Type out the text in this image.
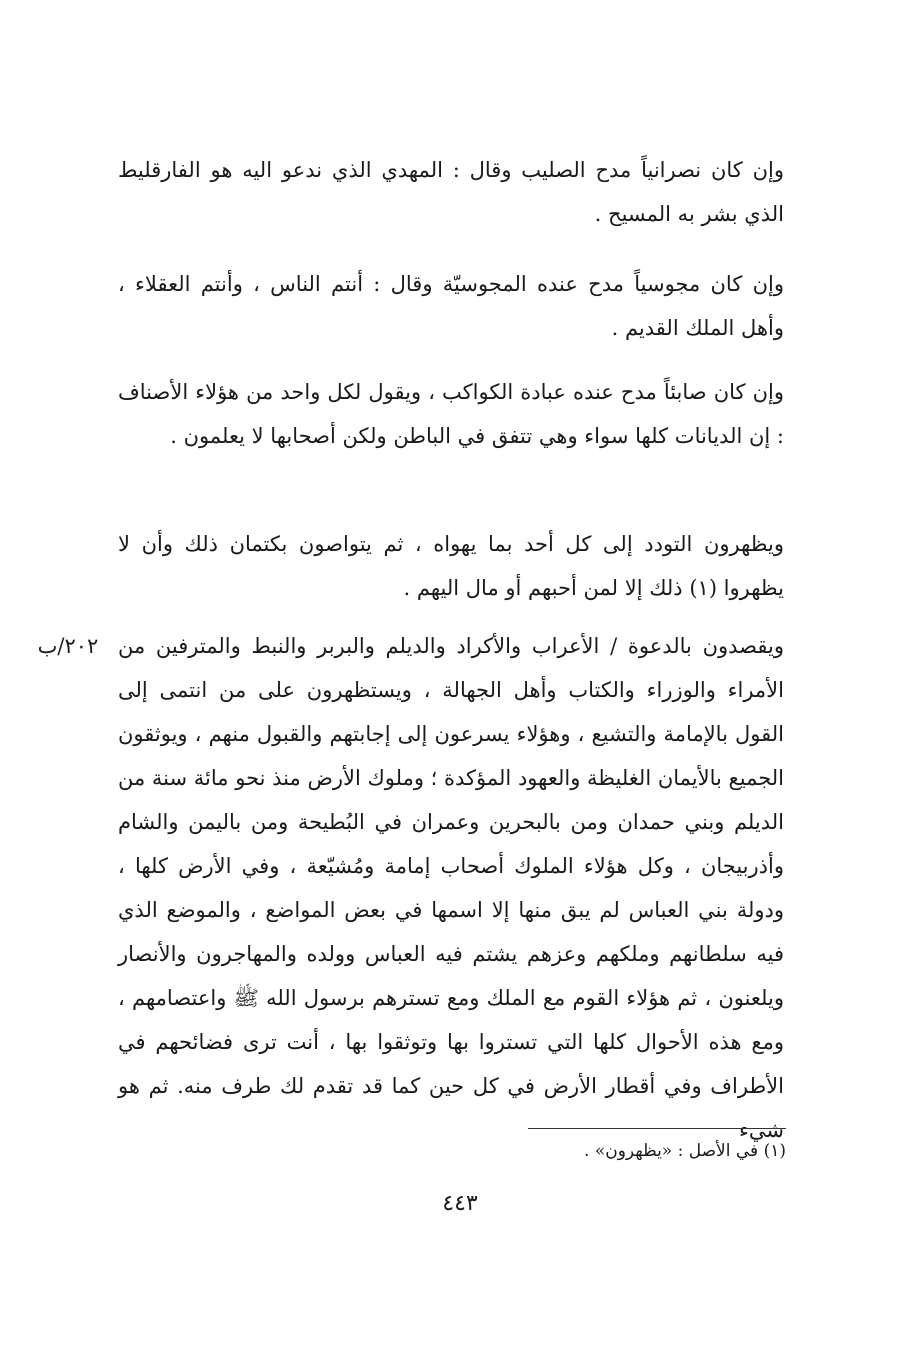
وإن كان نصرانياً مدح الصليب وقال : المهدي الذي ندعو اليه هو الفارقليط الذي بشر به المسيح .

وإن كان مجوسياً مدح عنده المجوسيّة وقال : أنتم الناس ، وأنتم العقلاء ، وأهل الملك القديم .

وإن كان صابئاً مدح عنده عبادة الكواكب ، ويقول لكل واحد من هؤلاء الأصناف : إن الديانات كلها سواء وهي تتفق في الباطن ولكن أصحابها لا يعلمون .

ويظهرون التودد إلى كل أحد بما يهواه ، ثم يتواصون بكتمان ذلك وأن لا يظهروا (١) ذلك إلا لمن أحبهم أو مال اليهم .

ويقصدون بالدعوة / الأعراب والأكراد والديلم والبربر والنبط والمترفين من الأمراء والوزراء والكتاب وأهل الجهالة ، ويستظهرون على من انتمى إلى القول بالإمامة والتشيع ، وهؤلاء يسرعون إلى إجابتهم والقبول منهم ، ويوثقون الجميع بالأيمان الغليظة والعهود المؤكدة ؛ وملوك الأرض منذ نحو مائة سنة من الديلم وبني حمدان ومن بالبحرين وعمران في البُطيحة ومن باليمن والشام وأذربيجان ، وكل هؤلاء الملوك أصحاب إمامة ومُشيّعة ، وفي الأرض كلها ، ودولة بني العباس لم يبق منها إلا اسمها في بعض المواضع ، والموضع الذي فيه سلطانهم وملكهم وعزهم يشتم فيه العباس وولده والمهاجرون والأنصار ويلعنون ، ثم هؤلاء القوم مع الملك ومع تسترهم برسول الله ﷺ واعتصامهم ، ومع هذه الأحوال كلها التي تستروا بها وتوثقوا بها ، أنت ترى فضائحهم في الأطراف وفي أقطار الأرض في كل حين كما قد تقدم لك طرف منه. ثم هو شيء

٢٠٢/ب
(١) في الأصل : «يظهرون» .
٤٤٣
